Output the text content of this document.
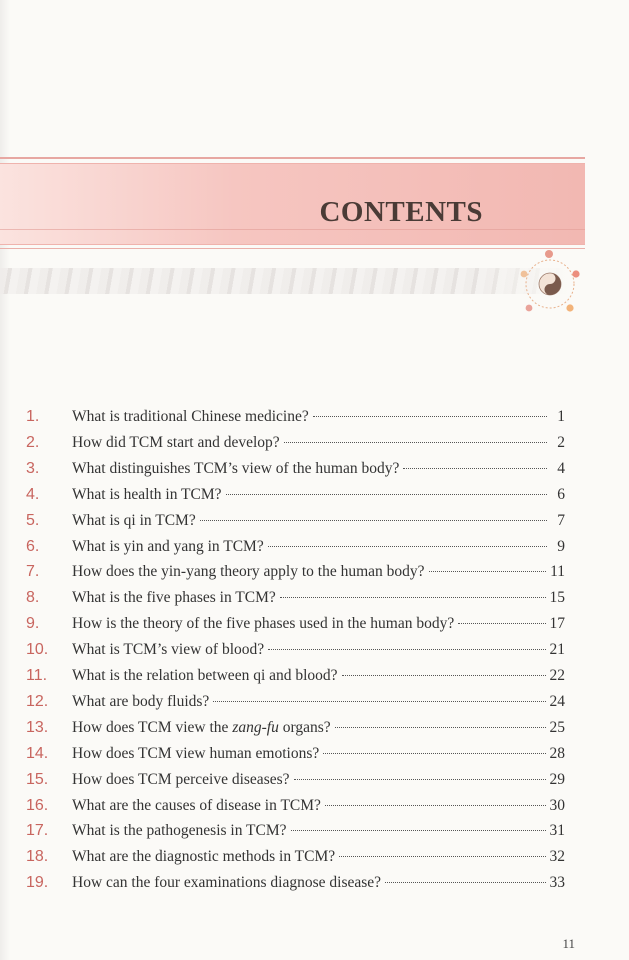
CONTENTS
1.	What is traditional Chinese medicine?	1
2.	How did TCM start and develop?	2
3.	What distinguishes TCM’s view of the human body?	4
4.	What is health in TCM?	6
5.	What is qi in TCM?	7
6.	What is yin and yang in TCM?	9
7.	How does the yin-yang theory apply to the human body?	11
8.	What is the five phases in TCM?	15
9.	How is the theory of the five phases used in the human body?	17
10.	What is TCM’s view of blood?	21
11.	What is the relation between qi and blood?	22
12.	What are body fluids?	24
13.	How does TCM view the zang-fu organs?	25
14.	How does TCM view human emotions?	28
15.	How does TCM perceive diseases?	29
16.	What are the causes of disease in TCM?	30
17.	What is the pathogenesis in TCM?	31
18.	What are the diagnostic methods in TCM?	32
19.	How can the four examinations diagnose disease?	33
11
